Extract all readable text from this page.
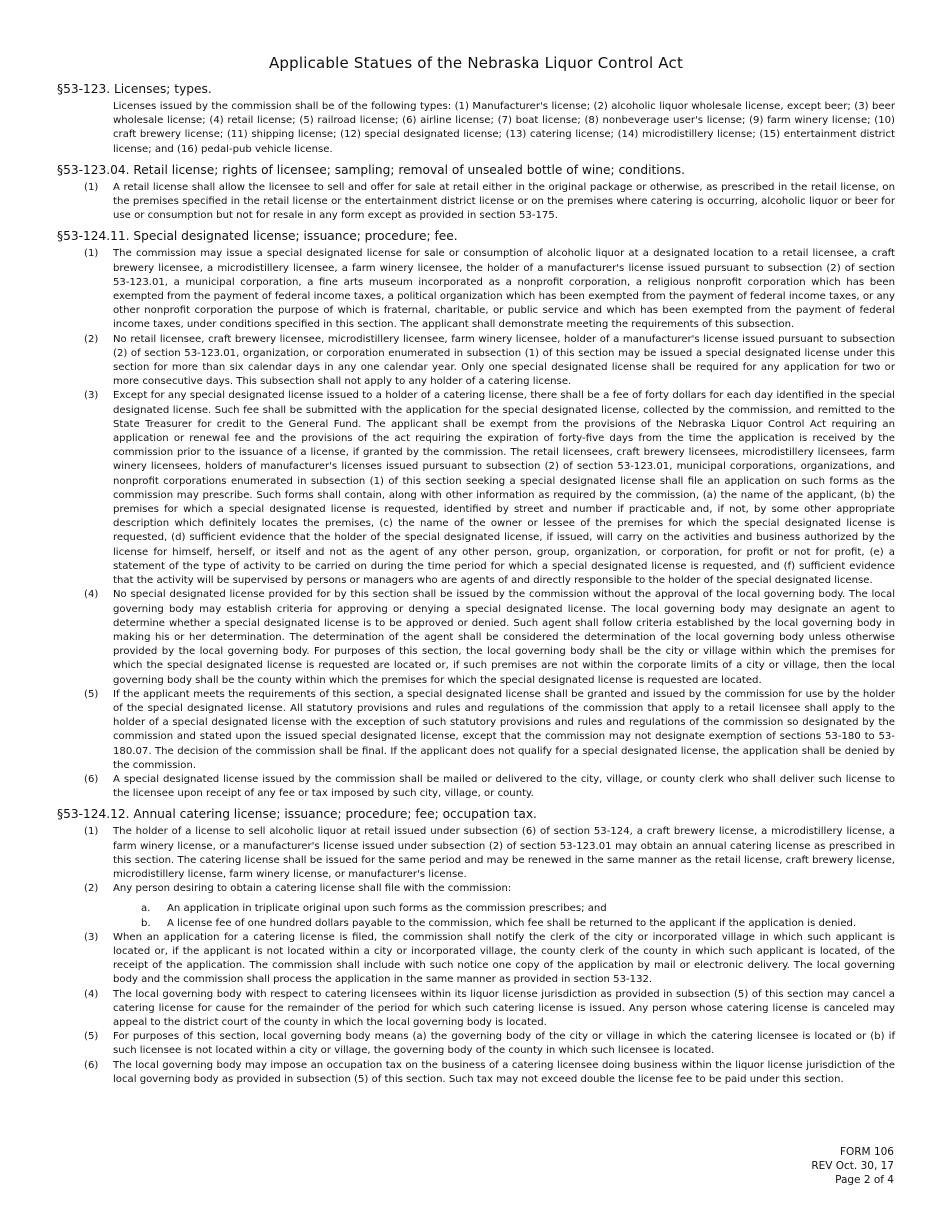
Applicable Statues of the Nebraska Liquor Control Act

§53-123. Licenses; types.

Licenses issued by the commission shall be of the following types: (1) Manufacturer's license; (2) alcoholic liquor wholesale license, except beer; (3) beer wholesale license; (4) retail license; (5) railroad license; (6) airline license; (7) boat license; (8) nonbeverage user's license; (9) farm winery license; (10) craft brewery license; (11) shipping license; (12) special designated license; (13) catering license; (14) microdistillery license; (15) entertainment district license; and (16) pedal-pub vehicle license.

§53-123.04. Retail license; rights of licensee; sampling; removal of unsealed bottle of wine; conditions.

(1)	A retail license shall allow the licensee to sell and offer for sale at retail either in the original package or otherwise, as prescribed in the retail license, on the premises specified in the retail license or the entertainment district license or on the premises where catering is occurring, alcoholic liquor or beer for use or consumption but not for resale in any form except as provided in section 53-175.

§53-124.11. Special designated license; issuance; procedure; fee.

(1)	The commission may issue a special designated license for sale or consumption of alcoholic liquor at a designated location to a retail licensee, a craft brewery licensee, a microdistillery licensee, a farm winery licensee, the holder of a manufacturer's license issued pursuant to subsection (2) of section 53-123.01, a municipal corporation, a fine arts museum incorporated as a nonprofit corporation, a religious nonprofit corporation which has been exempted from the payment of federal income taxes, a political organization which has been exempted from the payment of federal income taxes, or any other nonprofit corporation the purpose of which is fraternal, charitable, or public service and which has been exempted from the payment of federal income taxes, under conditions specified in this section. The applicant shall demonstrate meeting the requirements of this subsection.
(2)	No retail licensee, craft brewery licensee, microdistillery licensee, farm winery licensee, holder of a manufacturer's license issued pursuant to subsection (2) of section 53-123.01, organization, or corporation enumerated in subsection (1) of this section may be issued a special designated license under this section for more than six calendar days in any one calendar year. Only one special designated license shall be required for any application for two or more consecutive days. This subsection shall not apply to any holder of a catering license.
(3)	Except for any special designated license issued to a holder of a catering license, there shall be a fee of forty dollars for each day identified in the special designated license. Such fee shall be submitted with the application for the special designated license, collected by the commission, and remitted to the State Treasurer for credit to the General Fund. The applicant shall be exempt from the provisions of the Nebraska Liquor Control Act requiring an application or renewal fee and the provisions of the act requiring the expiration of forty-five days from the time the application is received by the commission prior to the issuance of a license, if granted by the commission. The retail licensees, craft brewery licensees, microdistillery licensees, farm winery licensees, holders of manufacturer's licenses issued pursuant to subsection (2) of section 53-123.01, municipal corporations, organizations, and nonprofit corporations enumerated in subsection (1) of this section seeking a special designated license shall file an application on such forms as the commission may prescribe. Such forms shall contain, along with other information as required by the commission, (a) the name of the applicant, (b) the premises for which a special designated license is requested, identified by street and number if practicable and, if not, by some other appropriate description which definitely locates the premises, (c) the name of the owner or lessee of the premises for which the special designated license is requested, (d) sufficient evidence that the holder of the special designated license, if issued, will carry on the activities and business authorized by the license for himself, herself, or itself and not as the agent of any other person, group, organization, or corporation, for profit or not for profit, (e) a statement of the type of activity to be carried on during the time period for which a special designated license is requested, and (f) sufficient evidence that the activity will be supervised by persons or managers who are agents of and directly responsible to the holder of the special designated license.
(4)	No special designated license provided for by this section shall be issued by the commission without the approval of the local governing body. The local governing body may establish criteria for approving or denying a special designated license. The local governing body may designate an agent to determine whether a special designated license is to be approved or denied. Such agent shall follow criteria established by the local governing body in making his or her determination. The determination of the agent shall be considered the determination of the local governing body unless otherwise provided by the local governing body. For purposes of this section, the local governing body shall be the city or village within which the premises for which the special designated license is requested are located or, if such premises are not within the corporate limits of a city or village, then the local governing body shall be the county within which the premises for which the special designated license is requested are located.
(5)	If the applicant meets the requirements of this section, a special designated license shall be granted and issued by the commission for use by the holder of the special designated license. All statutory provisions and rules and regulations of the commission that apply to a retail licensee shall apply to the holder of a special designated license with the exception of such statutory provisions and rules and regulations of the commission so designated by the commission and stated upon the issued special designated license, except that the commission may not designate exemption of sections 53-180 to 53-180.07. The decision of the commission shall be final. If the applicant does not qualify for a special designated license, the application shall be denied by the commission.
(6)	A special designated license issued by the commission shall be mailed or delivered to the city, village, or county clerk who shall deliver such license to the licensee upon receipt of any fee or tax imposed by such city, village, or county.

§53-124.12. Annual catering license; issuance; procedure; fee; occupation tax.

(1)	The holder of a license to sell alcoholic liquor at retail issued under subsection (6) of section 53-124, a craft brewery license, a microdistillery license, a farm winery license, or a manufacturer's license issued under subsection (2) of section 53-123.01 may obtain an annual catering license as prescribed in this section. The catering license shall be issued for the same period and may be renewed in the same manner as the retail license, craft brewery license, microdistillery license, farm winery license, or manufacturer's license.
(2)	Any person desiring to obtain a catering license shall file with the commission:
a.	An application in triplicate original upon such forms as the commission prescribes; and
b.	A license fee of one hundred dollars payable to the commission, which fee shall be returned to the applicant if the application is denied.
(3)	When an application for a catering license is filed, the commission shall notify the clerk of the city or incorporated village in which such applicant is located or, if the applicant is not located within a city or incorporated village, the county clerk of the county in which such applicant is located, of the receipt of the application. The commission shall include with such notice one copy of the application by mail or electronic delivery. The local governing body and the commission shall process the application in the same manner as provided in section 53-132.
(4)	The local governing body with respect to catering licensees within its liquor license jurisdiction as provided in subsection (5) of this section may cancel a catering license for cause for the remainder of the period for which such catering license is issued. Any person whose catering license is canceled may appeal to the district court of the county in which the local governing body is located.
(5)	For purposes of this section, local governing body means (a) the governing body of the city or village in which the catering licensee is located or (b) if such licensee is not located within a city or village, the governing body of the county in which such licensee is located.
(6)	The local governing body may impose an occupation tax on the business of a catering licensee doing business within the liquor license jurisdiction of the local governing body as provided in subsection (5) of this section. Such tax may not exceed double the license fee to be paid under this section.
FORM 106
REV Oct. 30, 17
Page 2 of 4
